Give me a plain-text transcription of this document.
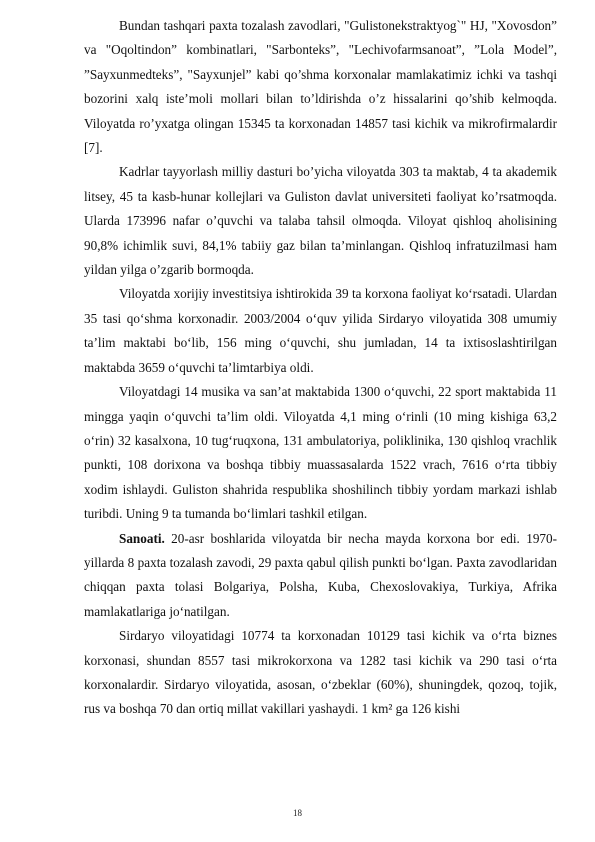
Bundan tashqari paxta tozalash zavodlari, "Gulistonekstraktyog`" HJ, "Xovosdon” va "Oqoltindon” kombinatlari, "Sarbonteks”, "Lechivofarmsanoat”, ”Lola Model”, ”Sayxunmedteks”, "Sayxunjel” kabi qo’shma korxonalar mamlakatimiz ichki va tashqi bozorini xalq iste’moli mollari bilan to’ldirishda o’z hissalarini qo’shib kelmoqda. Viloyatda ro’yxatga olingan 15345 ta korxonadan 14857 tasi kichik va mikrofirmalardir [7].

Kadrlar tayyorlash milliy dasturi bo’yicha viloyatda 303 ta maktab, 4 ta akademik litsey, 45 ta kasb-hunar kollejlari va Guliston davlat universiteti faoliyat ko’rsatmoqda. Ularda 173996 nafar o’quvchi va talaba tahsil olmoqda. Viloyat qishloq aholisining 90,8% ichimlik suvi, 84,1% tabiiy gaz bilan ta’minlangan. Qishloq infratuzilmasi ham yildan yilga o’zgarib bormoqda.

Viloyatda xorijiy investitsiya ishtirokida 39 ta korxona faoliyat ko‘rsatadi. Ulardan 35 tasi qo‘shma korxonadir. 2003/2004 o‘quv yilida Sirdaryo viloyatida 308 umumiy ta’lim maktabi bo‘lib, 156 ming o‘quvchi, shu jumladan, 14 ta ixtisoslashtirilgan maktabda 3659 o‘quvchi ta’limtarbiya oldi.

Viloyatdagi 14 musika va san’at maktabida 1300 o‘quvchi, 22 sport maktabida 11 mingga yaqin o‘quvchi ta’lim oldi. Viloyatda 4,1 ming o‘rinli (10 ming kishiga 63,2 o‘rin) 32 kasalxona, 10 tug‘ruqxona, 131 ambulatoriya, poliklinika, 130 qishloq vrachlik punkti, 108 dorixona va boshqa tibbiy muassasalarda 1522 vrach, 7616 o‘rta tibbiy xodim ishlaydi. Guliston shahrida respublika shoshilinch tibbiy yordam markazi ishlab turibdi. Uning 9 ta tumanda bo‘limlari tashkil etilgan.

Sanoati. 20-asr boshlarida viloyatda bir necha mayda korxona bor edi. 1970-yillarda 8 paxta tozalash zavodi, 29 paxta qabul qilish punkti bo‘lgan. Paxta zavodlaridan chiqqan paxta tolasi Bolgariya, Polsha, Kuba, Chexoslovakiya, Turkiya, Afrika mamlakatlariga jo‘natilgan.

Sirdaryo viloyatidagi 10774 ta korxonadan 10129 tasi kichik va o‘rta biznes korxonasi, shundan 8557 tasi mikrokorxona va 1282 tasi kichik va 290 tasi o‘rta korxonalardir. Sirdaryo viloyatida, asosan, o‘zbeklar (60%), shuningdek, qozoq, tojik, rus va boshqa 70 dan ortiq millat vakillari yashaydi. 1 km² ga 126 kishi

18
